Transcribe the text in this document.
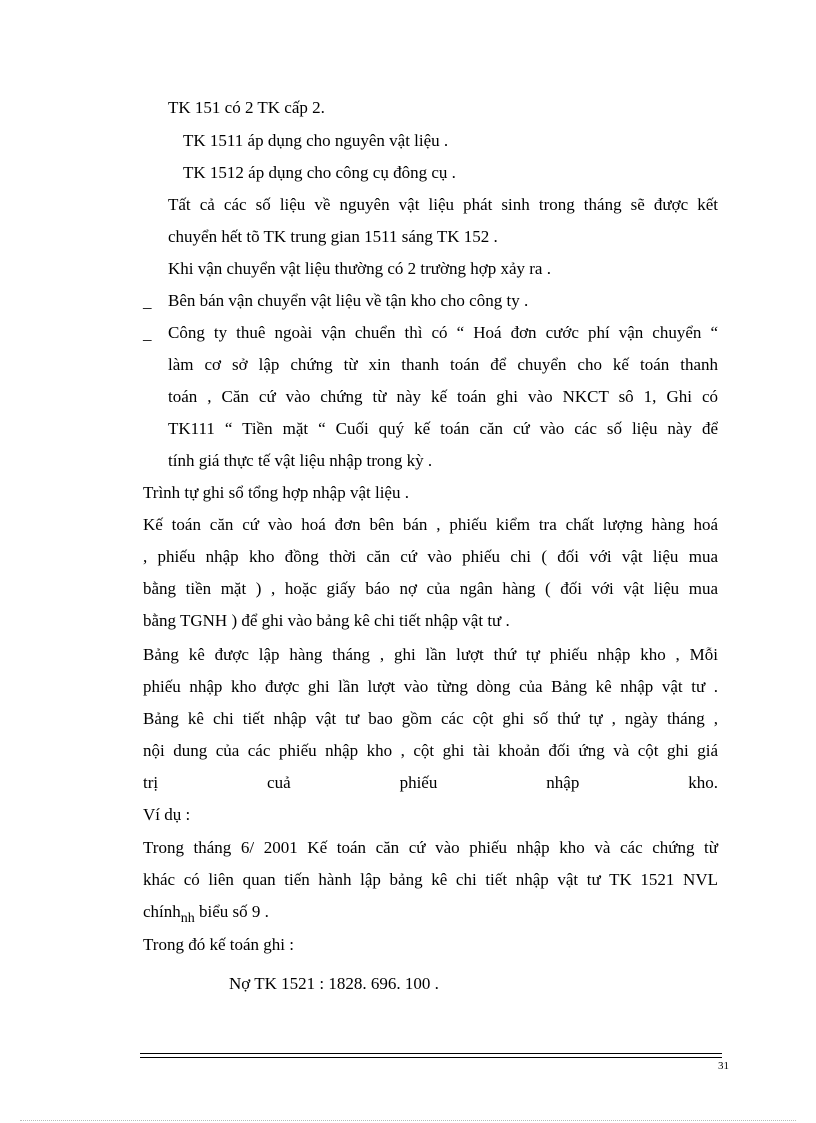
TK 151 có 2 TK cấp 2.

TK 1511 áp dụng cho nguyên vật liệu .

TK 1512 áp dụng cho công cụ đông cụ .

Tất cả các số liệu về nguyên vật liệu phát sinh trong tháng sẽ được kết

chuyển hết tõ TK trung gian 1511 sáng TK 152 .

Khi vận chuyển vật liệu thường có 2 trường hợp xảy ra .

_ Bên bán vận chuyển vật liệu về tận kho cho công ty .

_ Công ty thuê ngoài vận chuển thì có “ Hoá đơn cước phí vận chuyển “

làm cơ sở lập chứng từ xin thanh toán để chuyển cho kế toán thanh

toán , Căn cứ vào chứng từ này kế toán ghi vào NKCT sô 1, Ghi có

TK111 “ Tiền mặt “ Cuối quý kế toán căn cứ vào các số liệu này để

tính giá thực tế vật liệu nhập trong kỳ .

Trình tự ghi sổ tổng hợp nhập vật liệu .

Kế toán căn cứ vào hoá đơn bên bán , phiếu kiểm tra chất lượng hàng hoá

, phiếu nhập kho đồng thời căn cứ vào phiếu chi ( đối với vật liệu mua

bằng tiền mặt ) , hoặc giấy báo nợ của ngân hàng ( đối với vật liệu mua

bằng TGNH ) để ghi vào bảng kê chi tiết nhập vật tư .

Bảng kê được lập hàng tháng , ghi lần lượt thứ tự phiếu nhập kho , Mỗi

phiếu nhập kho được ghi lần lượt vào từng dòng của Bảng kê nhập vật tư .

Bảng kê chi tiết nhập vật tư bao gồm các cột ghi số thứ tự , ngày tháng ,

nội dung của các phiếu nhập kho , cột ghi tài khoản đối ứng và cột ghi giá

trị cuả phiếu nhập kho.

Ví dụ :

Trong tháng 6/ 2001 Kế toán căn cứ vào phiếu nhập kho và các chứng từ

khác có liên quan tiến hành lập bảng kê chi tiết nhập vật tư TK 1521 NVL

chính$_{nh}$ biểu số 9 .

Trong đó kế toán ghi :

Nợ TK 1521 : 1828. 696. 100 .

31
